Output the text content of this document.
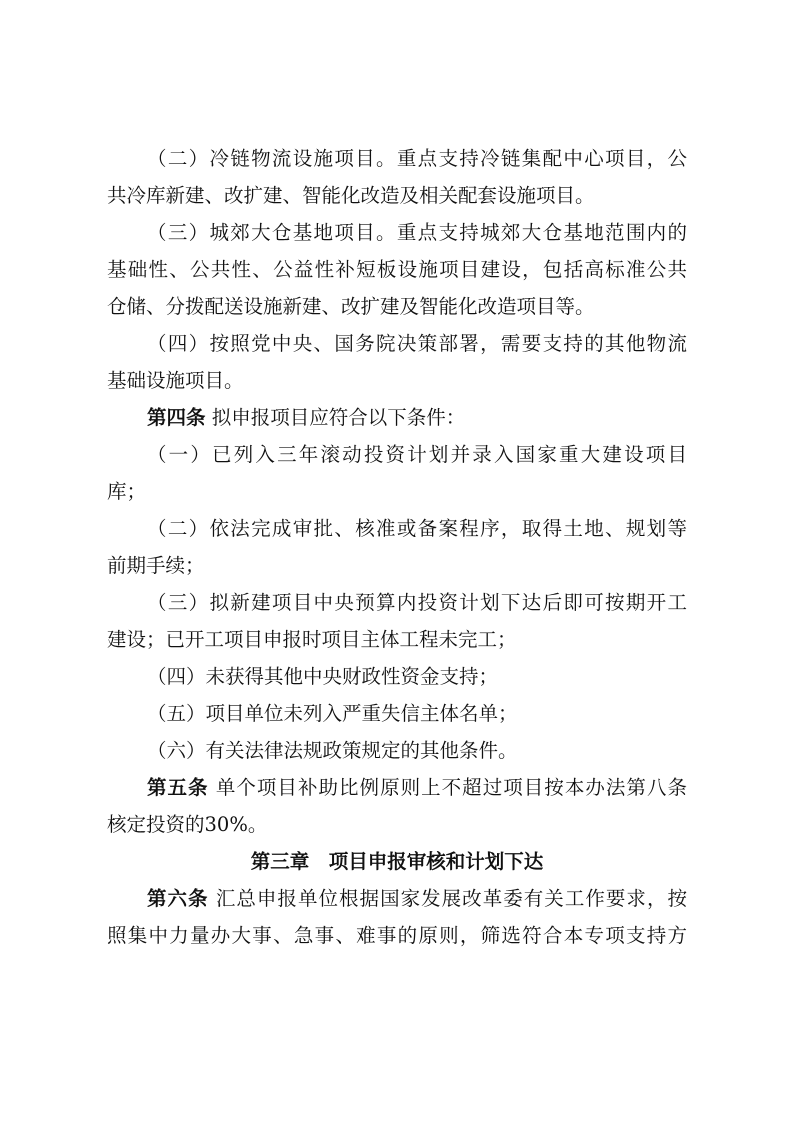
（二）冷链物流设施项目。重点支持冷链集配中心项目，公
共冷库新建、改扩建、智能化改造及相关配套设施项目。
（三）城郊大仓基地项目。重点支持城郊大仓基地范围内的
基础性、公共性、公益性补短板设施项目建设，包括高标准公共
仓储、分拨配送设施新建、改扩建及智能化改造项目等。
（四）按照党中央、国务院决策部署，需要支持的其他物流
基础设施项目。
第四条 拟申报项目应符合以下条件：
（一）已列入三年滚动投资计划并录入国家重大建设项目
库；
（二）依法完成审批、核准或备案程序，取得土地、规划等
前期手续；
（三）拟新建项目中央预算内投资计划下达后即可按期开工
建设；已开工项目申报时项目主体工程未完工；
（四）未获得其他中央财政性资金支持；
（五）项目单位未列入严重失信主体名单；
（六）有关法律法规政策规定的其他条件。
第五条 单个项目补助比例原则上不超过项目按本办法第八条
核定投资的30%。
第三章　项目申报审核和计划下达
第六条 汇总申报单位根据国家发展改革委有关工作要求，按
照集中力量办大事、急事、难事的原则，筛选符合本专项支持方
